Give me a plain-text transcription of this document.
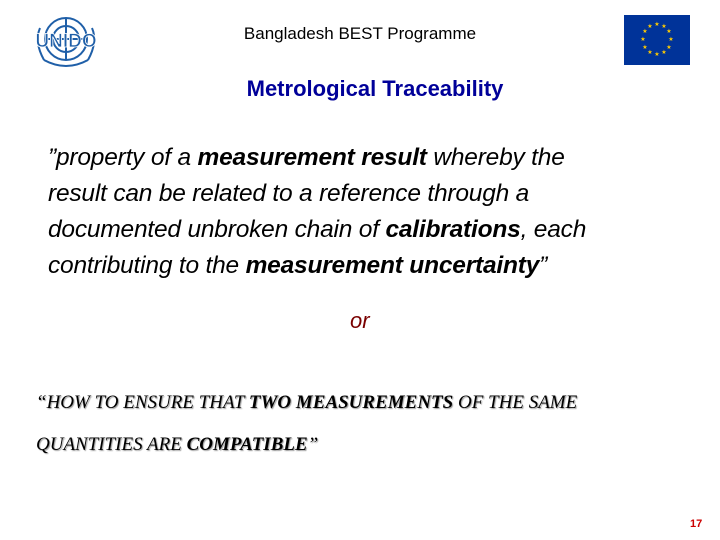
UNIDO	Bangladesh BEST Programme	★ ★
★
★
★
★
★
★
★
★
★
★
Metrological Traceability
”property of a measurement result whereby the
result can be related to a reference through a
documented unbroken chain of calibrations, each
contributing to the measurement uncertainty”
or
“HOW TO ENSURE THAT TWO MEASUREMENTS OF THE SAME
QUANTITIES ARE COMPATIBLE”
17
